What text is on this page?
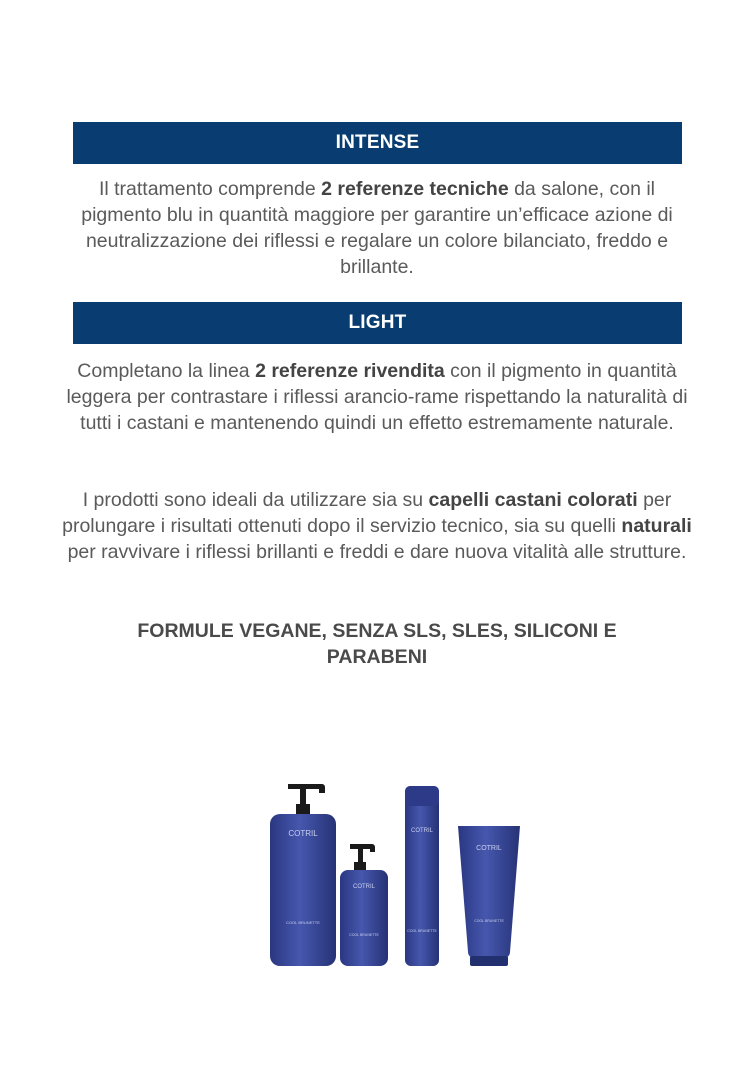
INTENSE
Il trattamento comprende 2 referenze tecniche da salone, con il pigmento blu in quantità maggiore per garantire un’efficace azione di neutralizzazione dei riflessi e regalare un colore bilanciato, freddo e brillante.
LIGHT
Completano la linea 2 referenze rivendita con il pigmento in quantità leggera per contrastare i riflessi arancio-rame rispettando la naturalità di tutti i castani e mantenendo quindi un effetto estremamente naturale.
I prodotti sono ideali da utilizzare sia su capelli castani colorati per prolungare i risultati ottenuti dopo il servizio tecnico, sia su quelli naturali per ravvivare i riflessi brillanti e freddi e dare nuova vitalità alle strutture.
FORMULE VEGANE, SENZA SLS, SLES, SILICONI E PARABENI
COTRIL
COOL BRUNETTE
COTRIL
COOL BRUNETTE
COTRIL
COOL BRUNETTE
COTRIL
COOL BRUNETTE
